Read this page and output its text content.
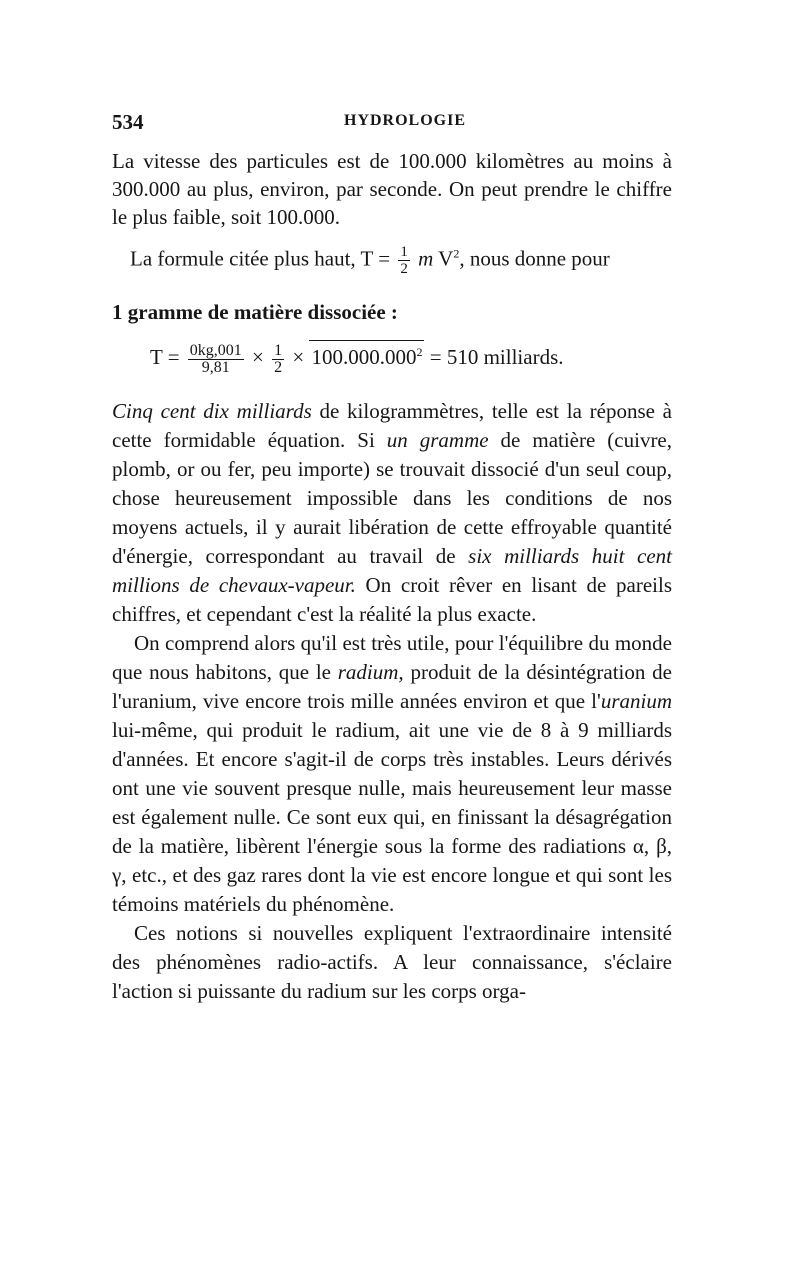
534	HYDROLOGIE

La vitesse des particules est de 100.000 kilomètres au moins à 300.000 au plus, environ, par seconde. On peut prendre le chiffre le plus faible, soit 100.000.

La formule citée plus haut, $T = \frac{1}{2}$ m $V^2$, nous donne pour
1 gramme de matière dissociée :
$T = \frac{0kg,001}{9,81} \times \frac{1}{2} \times 100.000.000^2 = 510$ milliards.

Cinq cent dix milliards de kilogrammètres, telle est la réponse à cette formidable équation. Si un gramme de matière (cuivre, plomb, or ou fer, peu importe) se trouvait dissocié d'un seul coup, chose heureusement impossible dans les conditions de nos moyens actuels, il y aurait libération de cette effroyable quantité d'énergie, correspondant au travail de six milliards huit cent millions de chevaux-vapeur. On croit rêver en lisant de pareils chiffres, et cependant c'est la réalité la plus exacte.

On comprend alors qu'il est très utile, pour l'équilibre du monde que nous habitons, que le radium, produit de la désintégration de l'uranium, vive encore trois mille années environ et que l'uranium lui-même, qui produit le radium, ait une vie de 8 à 9 milliards d'années. Et encore s'agit-il de corps très instables. Leurs dérivés ont une vie souvent presque nulle, mais heureusement leur masse est également nulle. Ce sont eux qui, en finissant la désagrégation de la matière, libèrent l'énergie sous la forme des radiations α, β, γ, etc., et des gaz rares dont la vie est encore longue et qui sont les témoins matériels du phénomène.

Ces notions si nouvelles expliquent l'extraordinaire intensité des phénomènes radio-actifs. A leur connaissance, s'éclaire l'action si puissante du radium sur les corps orga-
